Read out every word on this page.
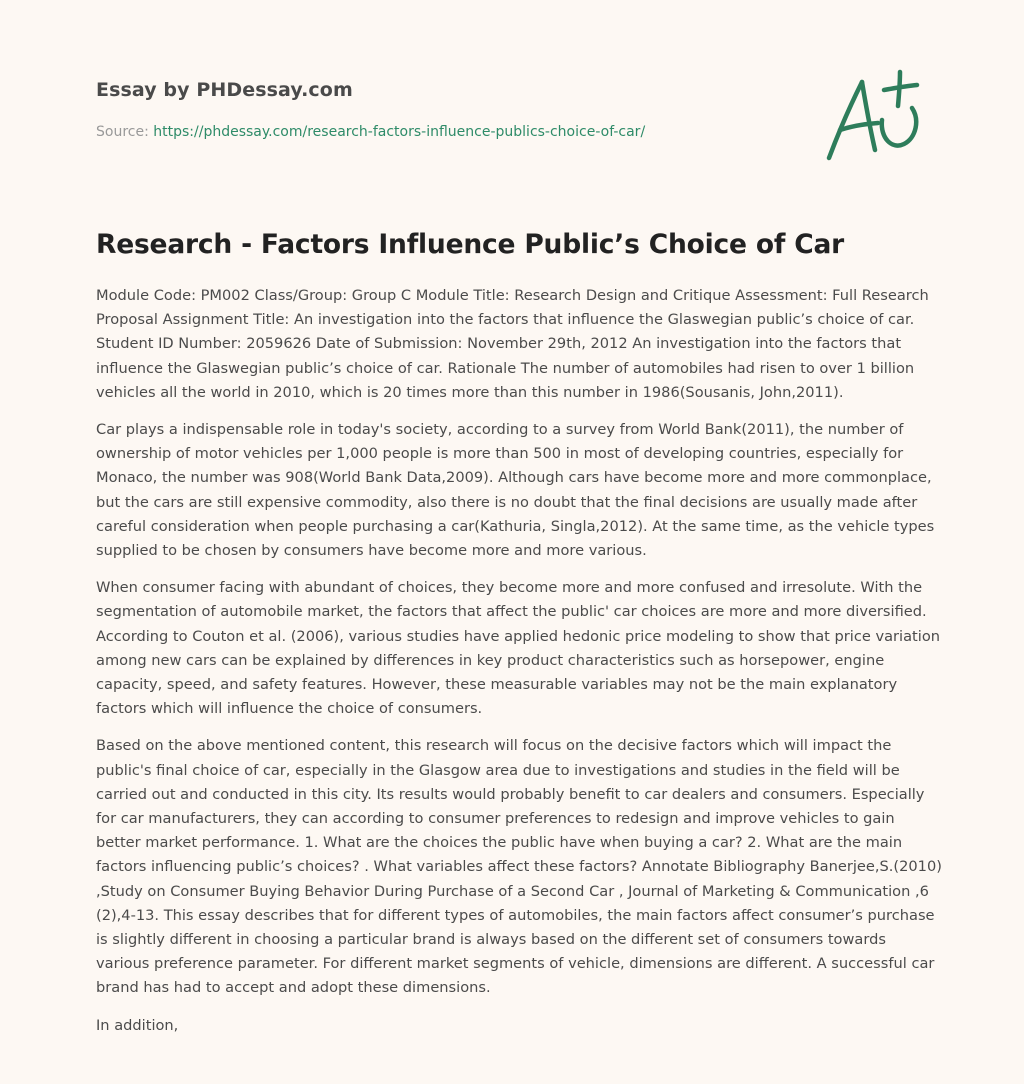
Essay by PHDessay.com
Source: https://phdessay.com/research-factors-influence-publics-choice-of-car/
Research - Factors Influence Public’s Choice of Car

Module Code: PM002 Class/Group: Group C Module Title: Research Design and Critique Assessment: Full Research Proposal Assignment Title: An investigation into the factors that influence the Glaswegian public’s choice of car. Student ID Number: 2059626 Date of Submission: November 29th, 2012 An investigation into the factors that influence the Glaswegian public’s choice of car. Rationale The number of automobiles had risen to over 1 billion vehicles all the world in 2010, which is 20 times more than this number in 1986(Sousanis, John,2011).

Car plays a indispensable role in today's society, according to a survey from World Bank(2011), the number of ownership of motor vehicles per 1,000 people is more than 500 in most of developing countries, especially for Monaco, the number was 908(World Bank Data,2009). Although cars have become more and more commonplace, but the cars are still expensive commodity, also there is no doubt that the final decisions are usually made after careful consideration when people purchasing a car(Kathuria, Singla,2012). At the same time, as the vehicle types supplied to be chosen by consumers have become more and more various.

When consumer facing with abundant of choices, they become more and more confused and irresolute. With the segmentation of automobile market, the factors that affect the public' car choices are more and more diversified. According to Couton et al. (2006), various studies have applied hedonic price modeling to show that price variation among new cars can be explained by differences in key product characteristics such as horsepower, engine capacity, speed, and safety features. However, these measurable variables may not be the main explanatory factors which will influence the choice of consumers.

Based on the above mentioned content, this research will focus on the decisive factors which will impact the public's final choice of car, especially in the Glasgow area due to investigations and studies in the field will be carried out and conducted in this city. Its results would probably benefit to car dealers and consumers. Especially for car manufacturers, they can according to consumer preferences to redesign and improve vehicles to gain better market performance. 1. What are the choices the public have when buying a car? 2. What are the main factors influencing public’s choices? . What variables affect these factors? Annotate Bibliography Banerjee,S.(2010) ,Study on Consumer Buying Behavior During Purchase of a Second Car , Journal of Marketing & Communication ,6 (2),4-13. This essay describes that for different types of automobiles, the main factors affect consumer’s purchase is slightly different in choosing a particular brand is always based on the different set of consumers towards various preference parameter. For different market segments of vehicle, dimensions are different. A successful car brand has had to accept and adopt these dimensions.

In addition,
